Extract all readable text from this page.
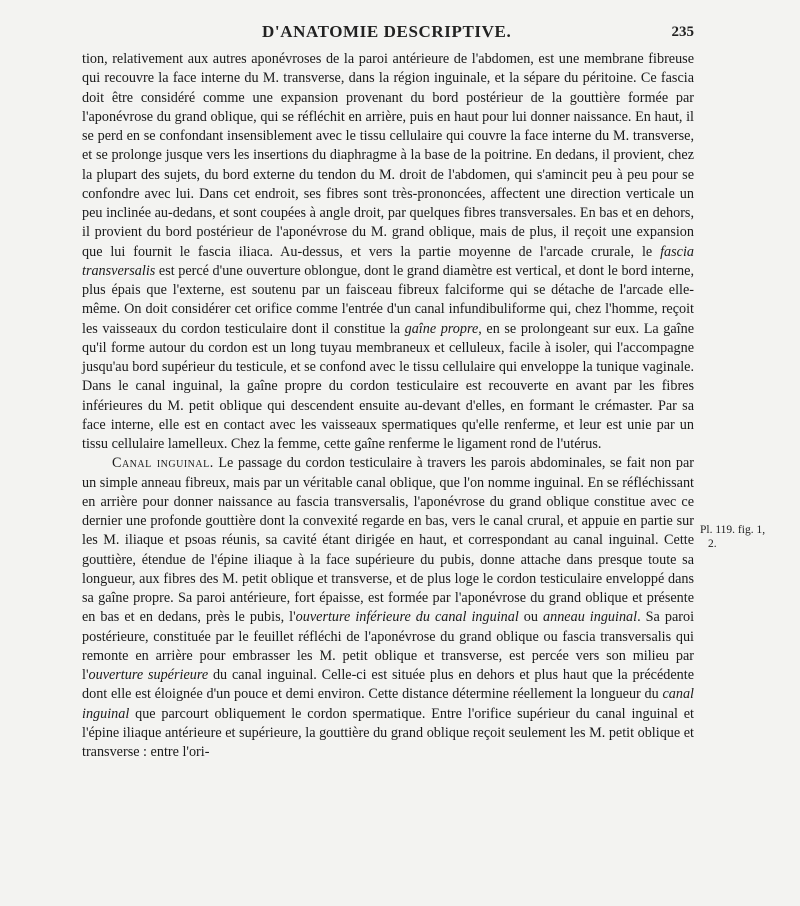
D'ANATOMIE DESCRIPTIVE.	235

tion, relativement aux autres aponévroses de la paroi antérieure de l'abdomen, est une membrane fibreuse qui recouvre la face interne du M. transverse, dans la région inguinale, et la sépare du péritoine. Ce fascia doit être considéré comme une expansion provenant du bord postérieur de la gouttière formée par l'aponévrose du grand oblique, qui se réfléchit en arrière, puis en haut pour lui donner naissance. En haut, il se perd en se confondant insensiblement avec le tissu cellulaire qui couvre la face interne du M. transverse, et se prolonge jusque vers les insertions du diaphragme à la base de la poitrine. En dedans, il provient, chez la plupart des sujets, du bord externe du tendon du M. droit de l'abdomen, qui s'amincit peu à peu pour se confondre avec lui. Dans cet endroit, ses fibres sont très-prononcées, affectent une direction verticale un peu inclinée au-dedans, et sont coupées à angle droit, par quelques fibres transversales. En bas et en dehors, il provient du bord postérieur de l'aponévrose du M. grand oblique, mais de plus, il reçoit une expansion que lui fournit le fascia iliaca. Au-dessus, et vers la partie moyenne de l'arcade crurale, le fascia transversalis est percé d'une ouverture oblongue, dont le grand diamètre est vertical, et dont le bord interne, plus épais que l'externe, est soutenu par un faisceau fibreux falciforme qui se détache de l'arcade elle-même. On doit considérer cet orifice comme l'entrée d'un canal infundibuliforme qui, chez l'homme, reçoit les vaisseaux du cordon testiculaire dont il constitue la gaîne propre, en se prolongeant sur eux. La gaîne qu'il forme autour du cordon est un long tuyau membraneux et celluleux, facile à isoler, qui l'accompagne jusqu'au bord supérieur du testicule, et se confond avec le tissu cellulaire qui enveloppe la tunique vaginale. Dans le canal inguinal, la gaîne propre du cordon testiculaire est recouverte en avant par les fibres inférieures du M. petit oblique qui descendent ensuite au-devant d'elles, en formant le crémaster. Par sa face interne, elle est en contact avec les vaisseaux spermatiques qu'elle renferme, et leur est unie par un tissu cellulaire lamelleux. Chez la femme, cette gaîne renferme le ligament rond de l'utérus.

Canal inguinal. Le passage du cordon testiculaire à travers les parois abdominales, se fait non par un simple anneau fibreux, mais par un véritable canal oblique, que l'on nomme inguinal. En se réfléchissant en arrière pour donner naissance au fascia transversalis, l'aponévrose du grand oblique constitue avec ce dernier une profonde gouttière dont la convexité regarde en bas, vers le canal crural, et appuie en partie sur les M. iliaque et psoas réunis, sa cavité étant dirigée en haut, et correspondant au canal inguinal. Cette gouttière, étendue de l'épine iliaque à la face supérieure du pubis, donne attache dans presque toute sa longueur, aux fibres des M. petit oblique et transverse, et de plus loge le cordon testiculaire enveloppé dans sa gaîne propre. Sa paroi antérieure, fort épaisse, est formée par l'aponévrose du grand oblique et présente en bas et en dedans, près le pubis, l'ouverture inférieure du canal inguinal ou anneau inguinal. Sa paroi postérieure, constituée par le feuillet réfléchi de l'aponévrose du grand oblique ou fascia transversalis qui remonte en arrière pour embrasser les M. petit oblique et transverse, est percée vers son milieu par l'ouverture supérieure du canal inguinal. Celle-ci est située plus en dehors et plus haut que la précédente dont elle est éloignée d'un pouce et demi environ. Cette distance détermine réellement la longueur du canal inguinal que parcourt obliquement le cordon spermatique. Entre l'orifice supérieur du canal inguinal et l'épine iliaque antérieure et supérieure, la gouttière du grand oblique reçoit seulement les M. petit oblique et transverse : entre l'ori-

Pl. 119. fig. 1,
2.
